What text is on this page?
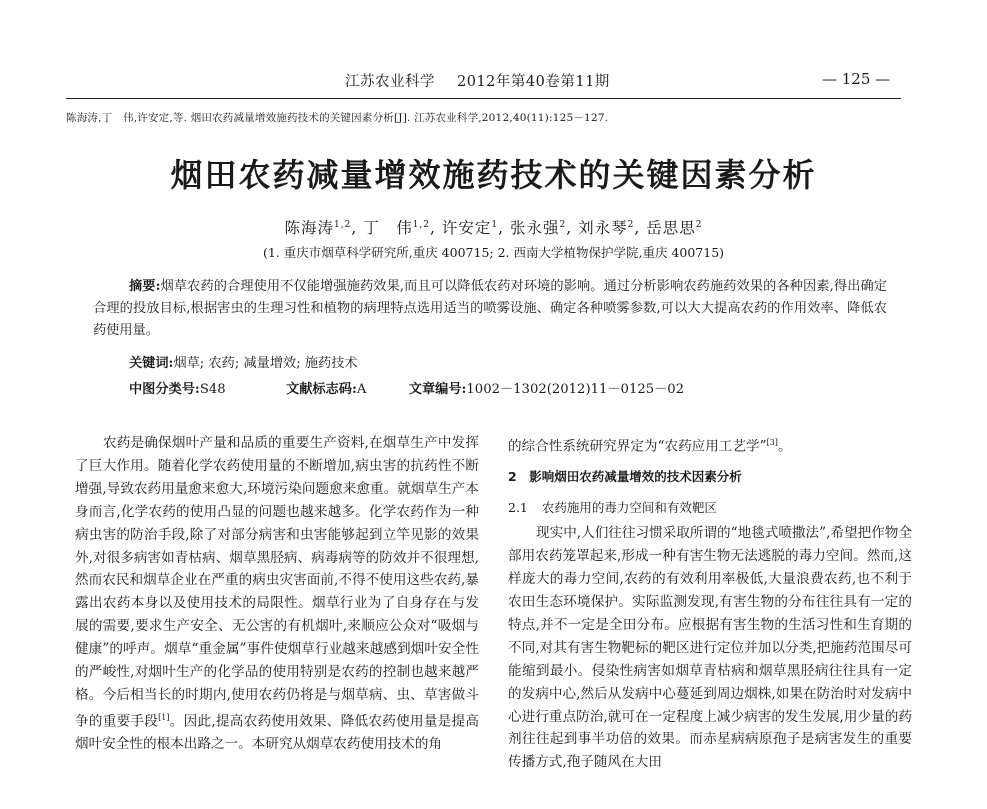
江苏农业科学 2012年第40卷第11期	— 125 —
陈海涛,丁　伟,许安定,等. 烟田农药减量增效施药技术的关键因素分析[J]. 江苏农业科学,2012,40(11):125－127.
烟田农药减量增效施药技术的关键因素分析
陈海涛$^{1,2}$, 丁　伟$^{1,2}$, 许安定$^1$, 张永强$^2$, 刘永琴$^2$, 岳思思$^2$
(1. 重庆市烟草科学研究所,重庆 400715; 2. 西南大学植物保护学院,重庆 400715)
摘要:烟草农药的合理使用不仅能增强施药效果,而且可以降低农药对环境的影响。通过分析影响农药施药效果的各种因素,得出确定合理的投放目标,根据害虫的生理习性和植物的病理特点选用适当的喷雾设施、确定各种喷雾参数,可以大大提高农药的作用效率、降低农药使用量。
关键词:烟草; 农药; 减量增效; 施药技术
中图分类号:S48	文献标志码:A	文章编号:1002－1302(2012)11－0125－02

农药是确保烟叶产量和品质的重要生产资料,在烟草生产中发挥了巨大作用。随着化学农药使用量的不断增加,病虫害的抗药性不断增强,导致农药用量愈来愈大,环境污染问题愈来愈重。就烟草生产本身而言,化学农药的使用凸显的问题也越来越多。化学农药作为一种病虫害的防治手段,除了对部分病害和虫害能够起到立竿见影的效果外,对很多病害如青枯病、烟草黑胫病、病毒病等的防效并不很理想,然而农民和烟草企业在严重的病虫灾害面前,不得不使用这些农药,暴露出农药本身以及使用技术的局限性。烟草行业为了自身存在与发展的需要,要求生产安全、无公害的有机烟叶,来顺应公众对“吸烟与健康”的呼声。烟草“重金属”事件使烟草行业越来越感到烟叶安全性的严峻性,对烟叶生产的化学品的使用特别是农药的控制也越来越严格。今后相当长的时期内,使用农药仍将是与烟草病、虫、草害做斗争的重要手段[1]。因此,提高农药使用效果、降低农药使用量是提高烟叶安全性的根本出路之一。本研究从烟草农药使用技术的角

的综合性系统研究界定为“农药应用工艺学”[3]。

2　影响烟田农药减量增效的技术因素分析

2.1 农药施用的毒力空间和有效靶区

现实中,人们往往习惯采取所谓的“地毯式喷撒法”,希望把作物全部用农药笼罩起来,形成一种有害生物无法逃脱的毒力空间。然而,这样庞大的毒力空间,农药的有效利用率极低,大量浪费农药,也不利于农田生态环境保护。实际监测发现,有害生物的分布往往具有一定的特点,并不一定是全田分布。应根据有害生物的生活习性和生育期的不同,对其有害生物靶标的靶区进行定位并加以分类,把施药范围尽可能缩到最小。侵染性病害如烟草青枯病和烟草黑胫病往往具有一定的发病中心,然后从发病中心蔓延到周边烟株,如果在防治时对发病中心进行重点防治,就可在一定程度上减少病害的发生发展,用少量的药剂往往起到事半功倍的效果。而赤星病病原孢子是病害发生的重要传播方式,孢子随风在大田
